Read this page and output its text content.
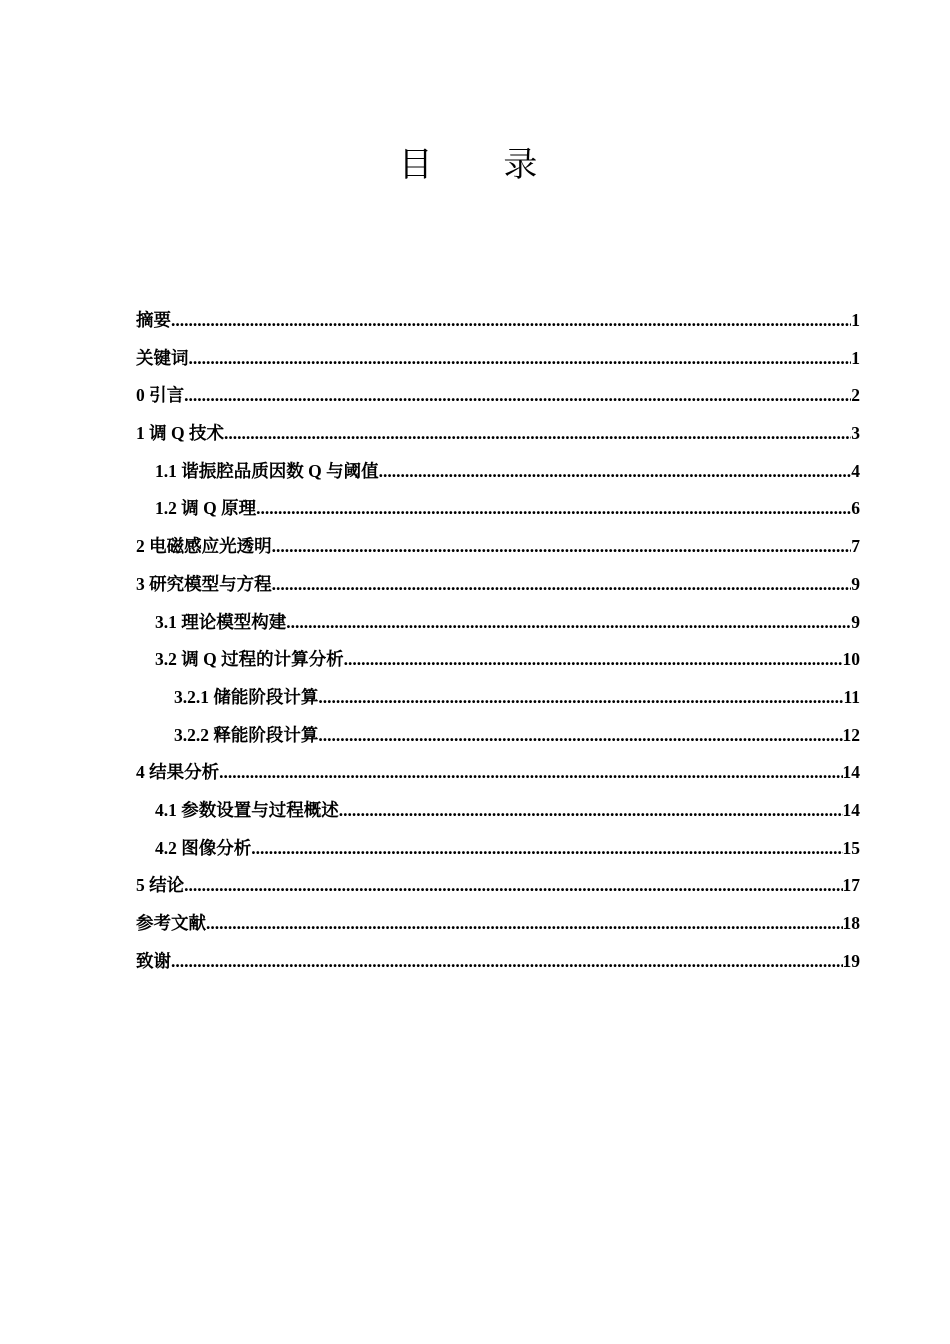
目 录
摘要 .....	1
关键词 .....	1
0 引言 .....	2
1 调 Q 技术 .....	3
1.1 谐振腔品质因数 Q 与阈值 .....	4
1.2 调 Q 原理 .....	6
2 电磁感应光透明 .....	7
3 研究模型与方程 .....	9
3.1 理论模型构建 .....	9
3.2 调 Q 过程的计算分析 .....	10
3.2.1 储能阶段计算 .....	11
3.2.2 释能阶段计算 .....	12
4 结果分析 .....	14
4.1 参数设置与过程概述 .....	14
4.2 图像分析 .....	15
5 结论 .....	17
参考文献 .....	18
致谢 .....	19
